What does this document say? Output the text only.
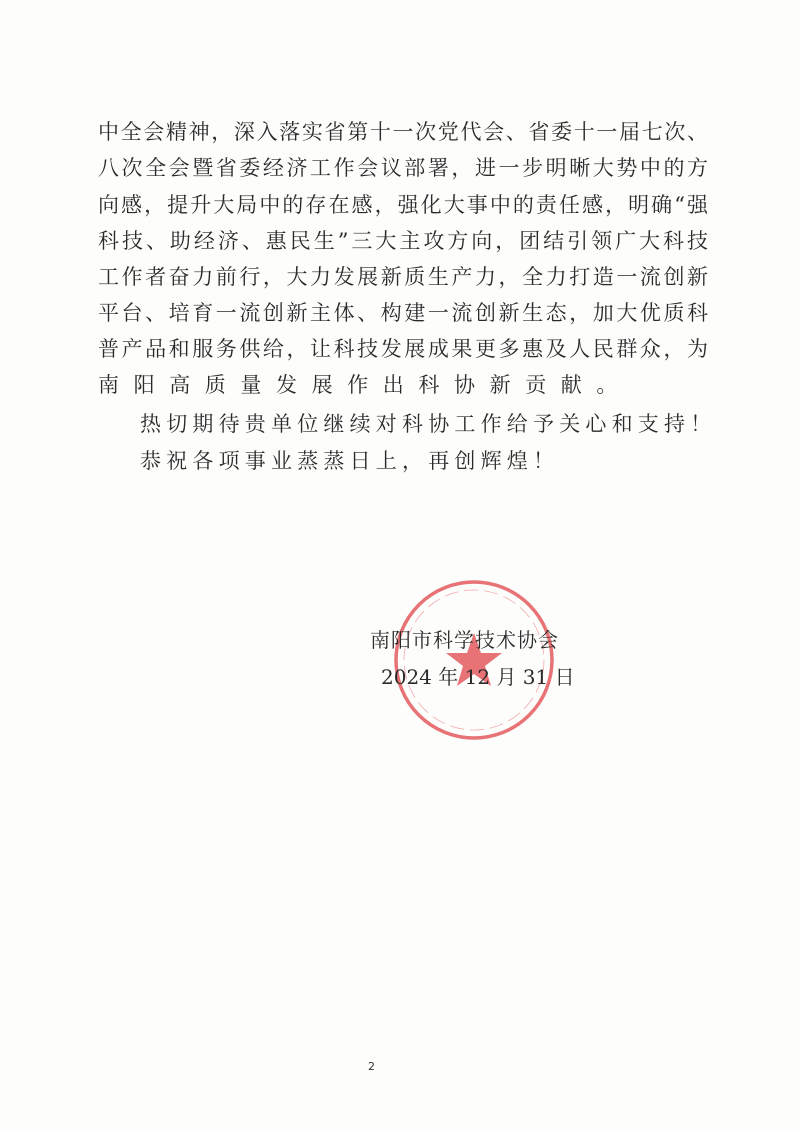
中全会精神，深入落实省第十一次党代会、省委十一届七次、
八次全会暨省委经济工作会议部署，进一步明晰大势中的方
向感，提升大局中的存在感，强化大事中的责任感，明确“强
科技、助经济、惠民生”三大主攻方向，团结引领广大科技
工作者奋力前行，大力发展新质生产力，全力打造一流创新
平台、培育一流创新主体、构建一流创新生态，加大优质科
普产品和服务供给，让科技发展成果更多惠及人民群众，为
南阳高质量发展作出科协新贡献。
热切期待贵单位继续对科协工作给予关心和支持！
恭祝各项事业蒸蒸日上，再创辉煌！
南阳市科学技术协会
2024 年 12 月 31 日
2
